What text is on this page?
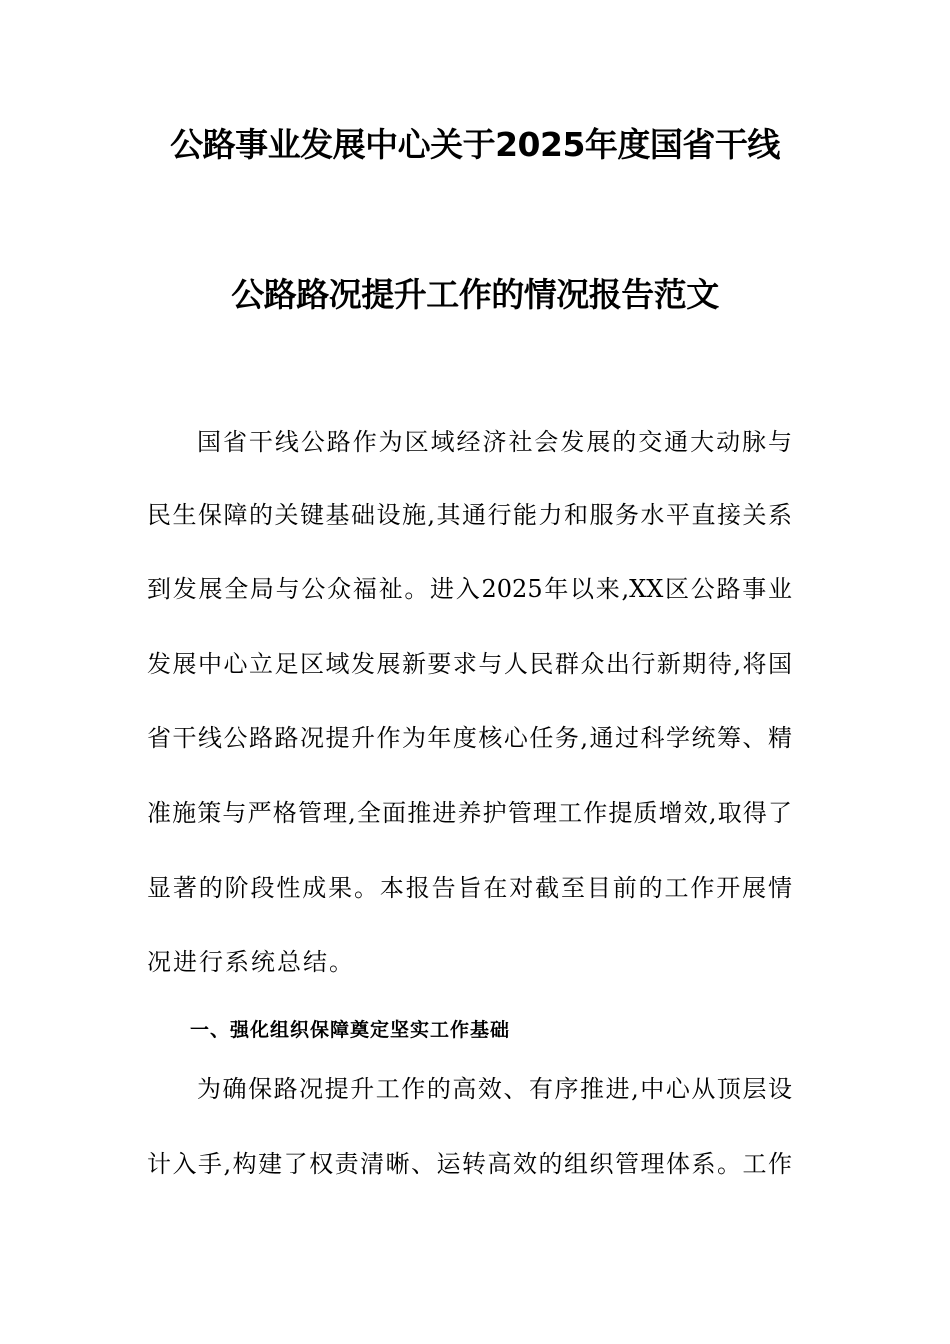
公路事业发展中心关于2025年度国省干线
公路路况提升工作的情况报告范文
国省干线公路作为区域经济社会发展的交通大动脉与
民生保障的关键基础设施,其通行能力和服务水平直接关系
到发展全局与公众福祉。进入2025年以来,XX区公路事业
发展中心立足区域发展新要求与人民群众出行新期待,将国
省干线公路路况提升作为年度核心任务,通过科学统筹、精
准施策与严格管理,全面推进养护管理工作提质增效,取得了
显著的阶段性成果。本报告旨在对截至目前的工作开展情
况进行系统总结。
一、强化组织保障奠定坚实工作基础
为确保路况提升工作的高效、有序推进,中心从顶层设
计入手,构建了权责清晰、运转高效的组织管理体系。工作
